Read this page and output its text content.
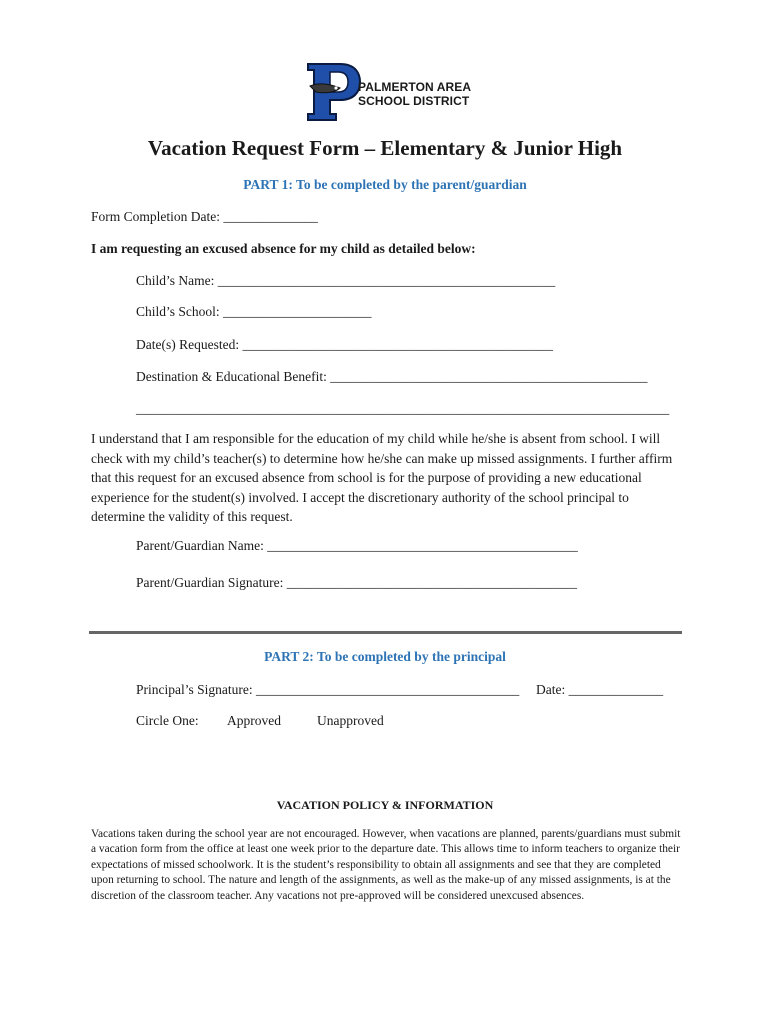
PALMERTON AREA
SCHOOL DISTRICT
Vacation Request Form – Elementary & Junior High
PART 1: To be completed by the parent/guardian
Form Completion Date: ______________
I am requesting an excused absence for my child as detailed below:
Child’s Name: __________________________________________________
Child’s School: ______________________
Date(s) Requested: ______________________________________________
Destination & Educational Benefit: _______________________________________________
_______________________________________________________________________________
I understand that I am responsible for the education of my child while he/she is absent from school. I will check with my child’s teacher(s) to determine how he/she can make up missed assignments. I further affirm that this request for an excused absence from school is for the purpose of providing a new educational experience for the student(s) involved. I accept the discretionary authority of the school principal to determine the validity of this request.
Parent/Guardian Name: ______________________________________________
Parent/Guardian Signature: ___________________________________________
PART 2: To be completed by the principal
Principal’s Signature: _______________________________________ Date: ______________
Circle One: Approved	Unapproved
VACATION POLICY & INFORMATION
Vacations taken during the school year are not encouraged. However, when vacations are planned, parents/guardians must submit a vacation form from the office at least one week prior to the departure date. This allows time to inform teachers to organize their expectations of missed schoolwork. It is the student’s responsibility to obtain all assignments and see that they are completed upon returning to school. The nature and length of the assignments, as well as the make-up of any missed assignments, is at the discretion of the classroom teacher. Any vacations not pre-approved will be considered unexcused absences.
